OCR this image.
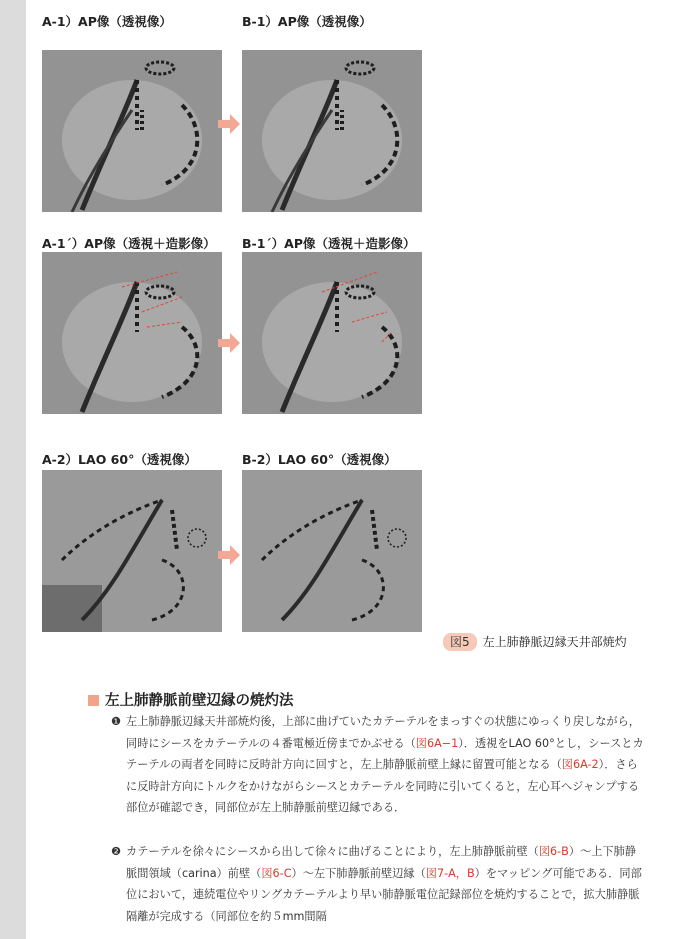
A-1）AP像（透視像）	B-1）AP像（透視像）
A-1´）AP像（透視＋造影像） B-1´）AP像（透視＋造影像）
A-2）LAO 60°（透視像）	B-2）LAO 60°（透視像）
図5 左上肺静脈辺縁天井部焼灼
左上肺静脈前壁辺縁の焼灼法
❶ 左上肺静脈辺縁天井部焼灼後，上部に曲げていたカテーテルをまっすぐの状態にゆっくり戻しながら，同時にシースをカテーテルの４番電極近傍までかぶせる（図6A−1）．透視をLAO 60°とし，シースとカテーテルの両者を同時に反時計方向に回すと，左上肺静脈前壁上縁に留置可能となる（図6A-2）．さらに反時計方向にトルクをかけながらシースとカテーテルを同時に引いてくると，左心耳へジャンプする部位が確認でき，同部位が左上肺静脈前壁辺縁である．
❷ カテーテルを徐々にシースから出して徐々に曲げることにより，左上肺静脈前壁（図6-B）〜上下肺静脈間領域（carina）前壁（図6-C）〜左下肺静脈前壁辺縁（図7-A，B）をマッピング可能である．同部位において，連続電位やリングカテーテルより早い肺静脈電位記録部位を焼灼することで，拡大肺静脈隔離が完成する（同部位を約５mm間隔
